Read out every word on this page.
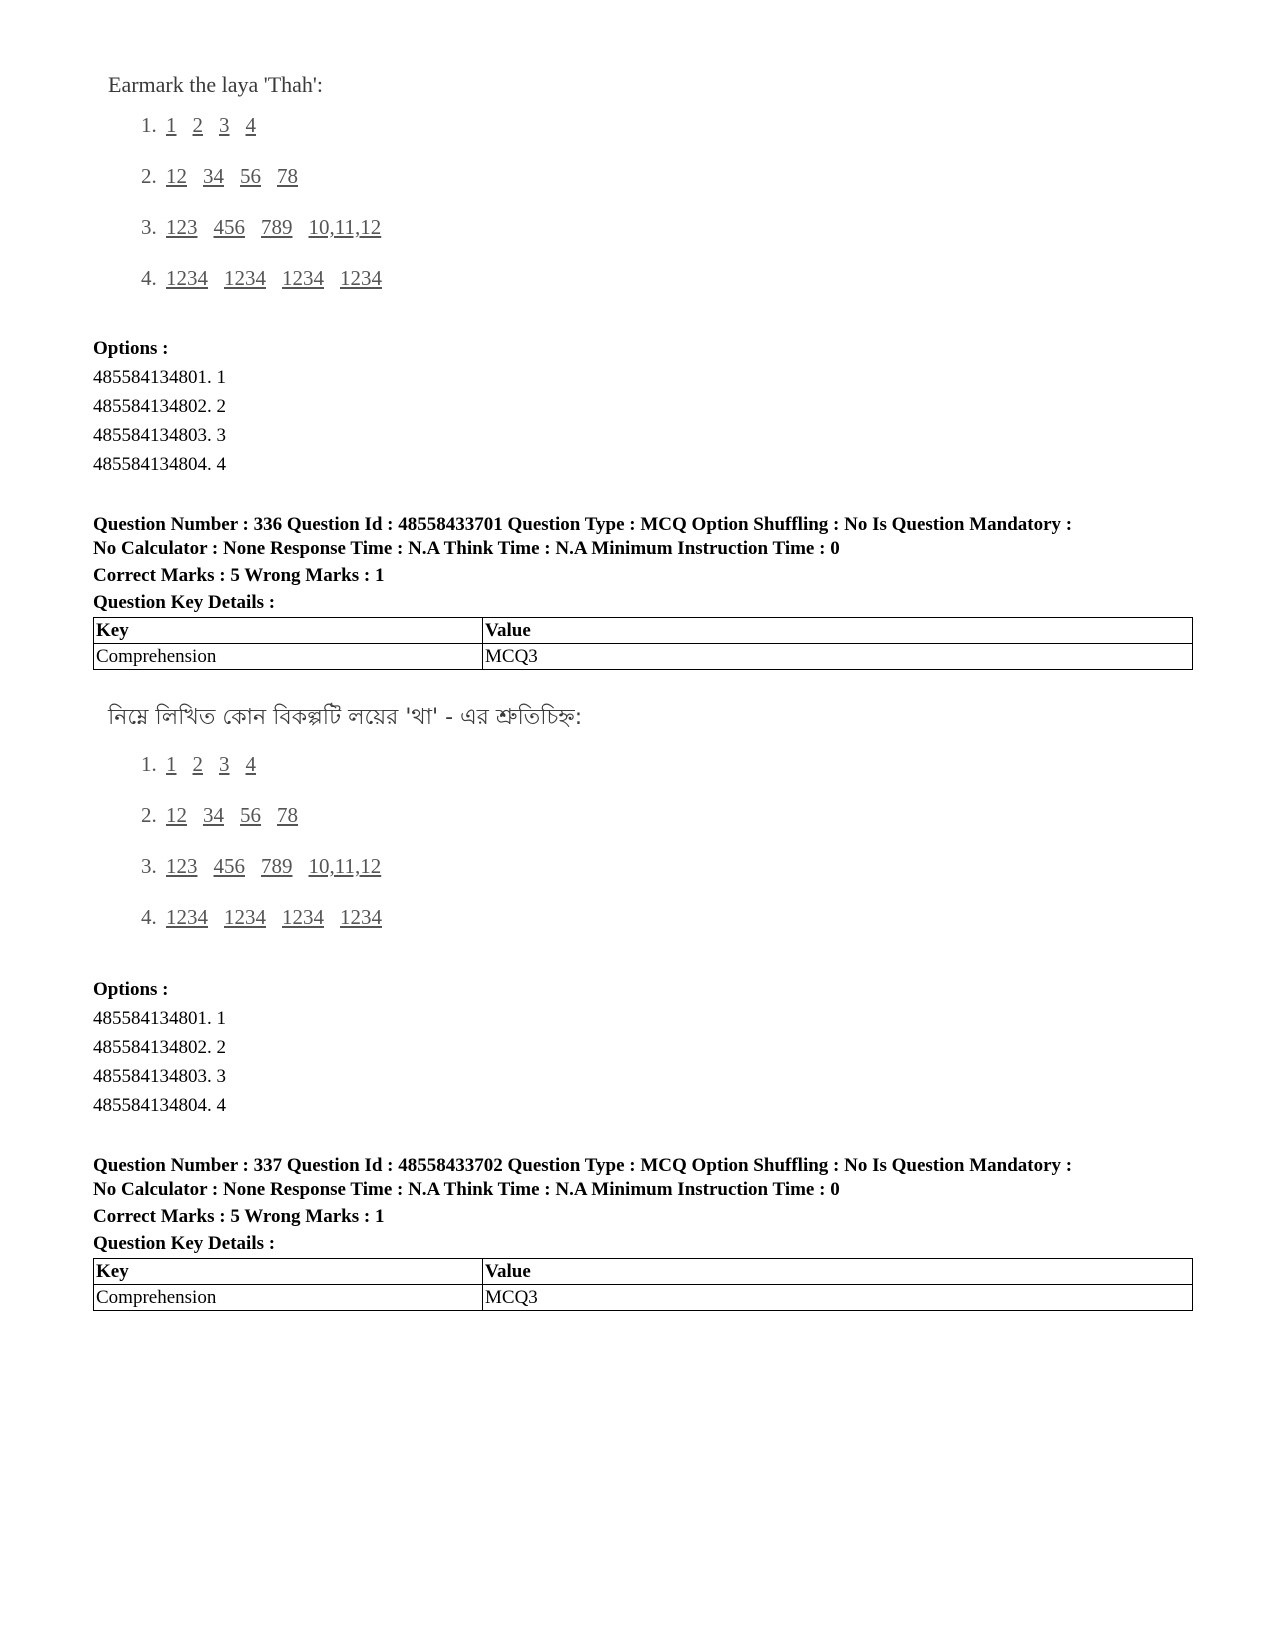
Earmark the laya 'Thah':
1. 1 2 3 4
2. 12 34 56 78
3. 123 456 789 10,11,12
4. 1234 1234 1234 1234
Options :
485584134801. 1
485584134802. 2
485584134803. 3
485584134804. 4
Question Number : 336 Question Id : 48558433701 Question Type : MCQ Option Shuffling : No Is Question Mandatory :
No Calculator : None Response Time : N.A Think Time : N.A Minimum Instruction Time : 0
Correct Marks : 5 Wrong Marks : 1
Question Key Details :
Key	Value
Comprehension	MCQ3
নিম্নে লিখিত কোন বিকল্পটি লয়ের 'থা' - এর শ্রুতিচিহ্ন:
1. 1 2 3 4
2. 12 34 56 78
3. 123 456 789 10,11,12
4. 1234 1234 1234 1234
Options :
485584134801. 1
485584134802. 2
485584134803. 3
485584134804. 4
Question Number : 337 Question Id : 48558433702 Question Type : MCQ Option Shuffling : No Is Question Mandatory :
No Calculator : None Response Time : N.A Think Time : N.A Minimum Instruction Time : 0
Correct Marks : 5 Wrong Marks : 1
Question Key Details :
Key	Value
Comprehension	MCQ3
